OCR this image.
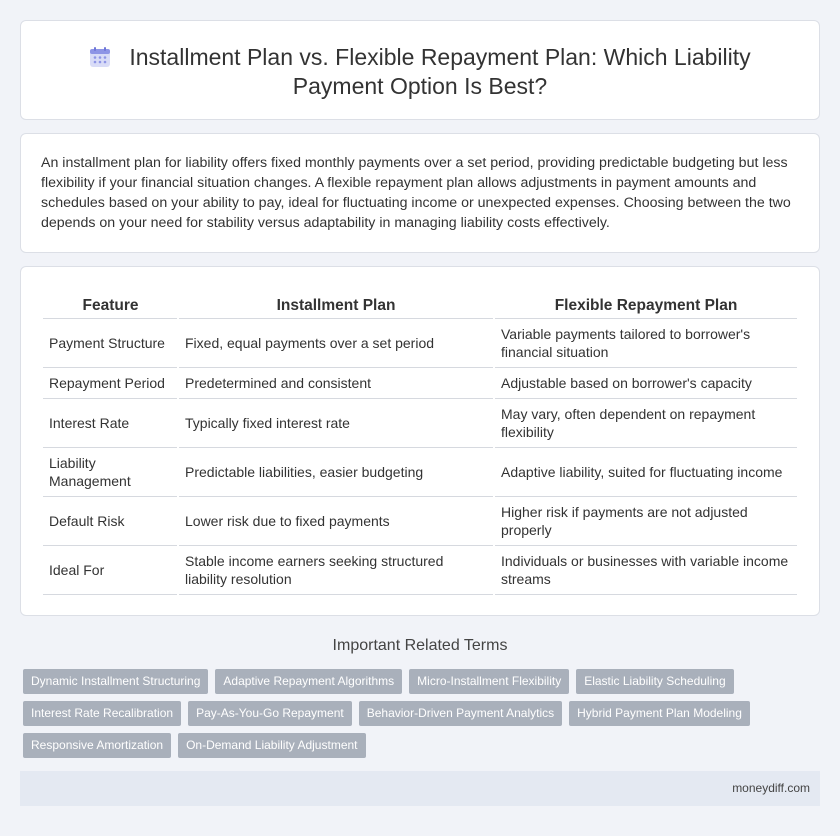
Installment Plan vs. Flexible Repayment Plan: Which Liability Payment Option Is Best?

An installment plan for liability offers fixed monthly payments over a set period, providing predictable budgeting but less flexibility if your financial situation changes. A flexible repayment plan allows adjustments in payment amounts and schedules based on your ability to pay, ideal for fluctuating income or unexpected expenses. Choosing between the two depends on your need for stability versus adaptability in managing liability costs effectively.

Feature	Installment Plan	Flexible Repayment Plan
Payment Structure	Fixed, equal payments over a set period	Variable payments tailored to borrower's financial situation
Repayment Period	Predetermined and consistent	Adjustable based on borrower's capacity
Interest Rate	Typically fixed interest rate	May vary, often dependent on repayment flexibility
Liability Management	Predictable liabilities, easier budgeting	Adaptive liability, suited for fluctuating income
Default Risk	Lower risk due to fixed payments	Higher risk if payments are not adjusted properly
Ideal For	Stable income earners seeking structured liability resolution	Individuals or businesses with variable income streams
Important Related Terms
Dynamic Installment Structuring	Adaptive Repayment Algorithms	Micro-Installment Flexibility	Elastic Liability Scheduling
Interest Rate Recalibration	Pay-As-You-Go Repayment	Behavior-Driven Payment Analytics	Hybrid Payment Plan Modeling
Responsive Amortization	On-Demand Liability Adjustment
moneydiff.com
